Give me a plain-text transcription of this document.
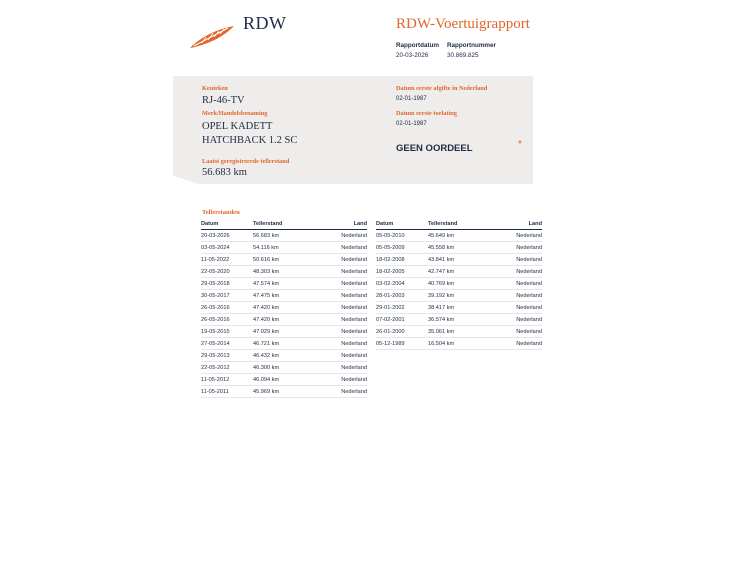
RDW	RDW-Voertuigrapport
Rapportdatum
20-03-2026
Rapportnummer
30.869.825
Kenteken
RJ-46-TV
Merk/Handelsbenaming
OPEL KADETT
HATCHBACK 1.2 SC
Laatst geregistreerde tellerstand
56.683 km
Datum eerste afgifte in Nederland
02-01-1987
Datum eerste toelating
02-01-1987
GEEN OORDEEL	*
Tellerstanden
Datum	Tellerstand	Land
20-03-2026	56.683 km	Nederland
03-05-2024	54.116 km	Nederland
11-05-2022	50.616 km	Nederland
22-05-2020	48.303 km	Nederland
29-05-2018	47.574 km	Nederland
30-05-2017	47.475 km	Nederland
26-05-2016	47.420 km	Nederland
26-05-2016	47.420 km	Nederland
19-05-2015	47.029 km	Nederland
27-05-2014	46.721 km	Nederland
29-05-2013	46.432 km	Nederland
22-05-2012	46.300 km	Nederland
11-05-2012	46.094 km	Nederland
11-05-2011	45.969 km	Nederland
Datum	Tellerstand	Land
05-05-2010	45.649 km	Nederland
05-05-2009	45.558 km	Nederland
18-02-2008	43.841 km	Nederland
18-02-2005	42.747 km	Nederland
03-02-2004	40.769 km	Nederland
28-01-2003	39.192 km	Nederland
29-01-2002	38.417 km	Nederland
07-02-2001	36.574 km	Nederland
26-01-2000	35.061 km	Nederland
05-12-1989	16.504 km	Nederland
